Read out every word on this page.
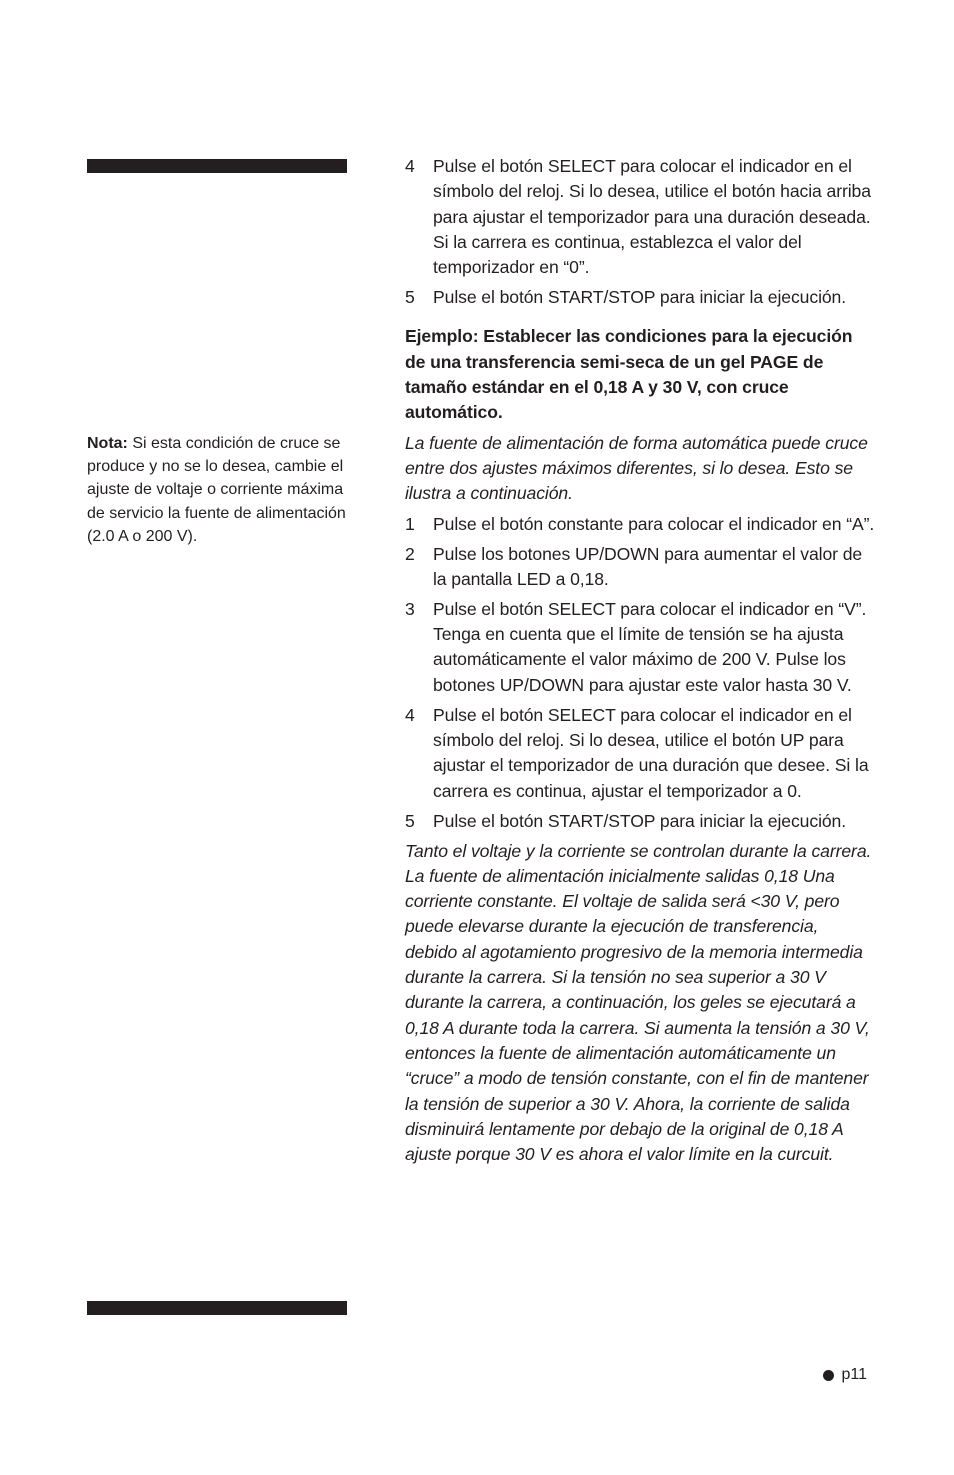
Nota: Si esta condición de cruce se produce y no se lo desea, cambie el ajuste de voltaje o corriente máxima de servicio la fuente de alimentación (2.0 A o 200 V).
4	Pulse el botón SELECT para colocar el indicador en el símbolo del reloj. Si lo desea, utilice el botón hacia arriba para ajustar el temporizador para una duración deseada. Si la carrera es continua, establezca el valor del temporizador en “0”.
5	Pulse el botón START/STOP para iniciar la ejecución.

Ejemplo: Establecer las condiciones para la ejecución de una transferencia semi-seca de un gel PAGE de tamaño estándar en el 0,18 A y 30 V, con cruce automático.

La fuente de alimentación de forma automática puede cruce entre dos ajustes máximos diferentes, si lo desea. Esto se ilustra a continuación.

1	Pulse el botón constante para colocar el indicador en “A”.
2	Pulse los botones UP/DOWN para aumentar el valor de la pantalla LED a 0,18.
3	Pulse el botón SELECT para colocar el indicador en “V”. Tenga en cuenta que el límite de tensión se ha ajusta automáticamente el valor máximo de 200 V. Pulse los botones UP/DOWN para ajustar este valor hasta 30 V.
4	Pulse el botón SELECT para colocar el indicador en el símbolo del reloj. Si lo desea, utilice el botón UP para ajustar el temporizador de una duración que desee. Si la carrera es continua, ajustar el temporizador a 0.
5	Pulse el botón START/STOP para iniciar la ejecución.

Tanto el voltaje y la corriente se controlan durante la carrera. La fuente de alimentación inicialmente salidas 0,18 Una corriente constante. El voltaje de salida será <30 V, pero puede elevarse durante la ejecución de transferencia, debido al agotamiento progresivo de la memoria intermedia durante la carrera. Si la tensión no sea superior a 30 V durante la carrera, a continuación, los geles se ejecutará a 0,18 A durante toda la carrera. Si aumenta la tensión a 30 V, entonces la fuente de alimentación automáticamente un “cruce” a modo de tensión constante, con el fin de mantener la tensión de superior a 30 V. Ahora, la corriente de salida disminuirá lentamente por debajo de la original de 0,18 A ajuste porque 30 V es ahora el valor límite en la curcuit.

p11
